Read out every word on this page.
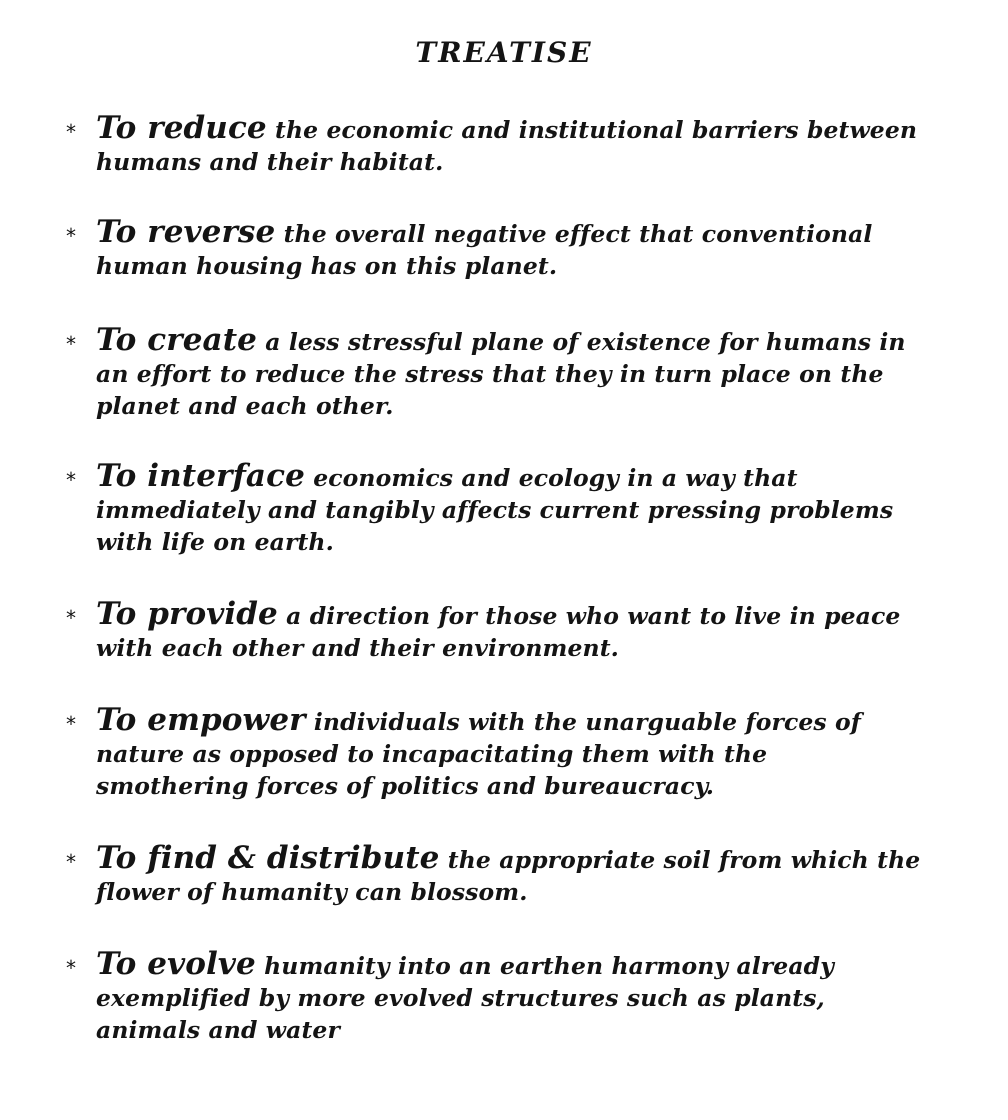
TREATISE
* To reduce the economic and institutional barriers between
humans and their habitat.
* To reverse the overall negative effect that conventional
human housing has on this planet.
* To create a less stressful plane of existence for humans in
an effort to reduce the stress that they in turn place on the
planet and each other.
* To interface economics and ecology in a way that
immediately and tangibly affects current pressing problems
with life on earth.
* To provide a direction for those who want to live in peace
with each other and their environment.
* To empower individuals with the unarguable forces of
nature as opposed to incapacitating them with the
smothering forces of politics and bureaucracy.
* To find & distribute the appropriate soil from which the
flower of humanity can blossom.
* To evolve humanity into an earthen harmony already
exemplified by more evolved structures such as plants,
animals and water
